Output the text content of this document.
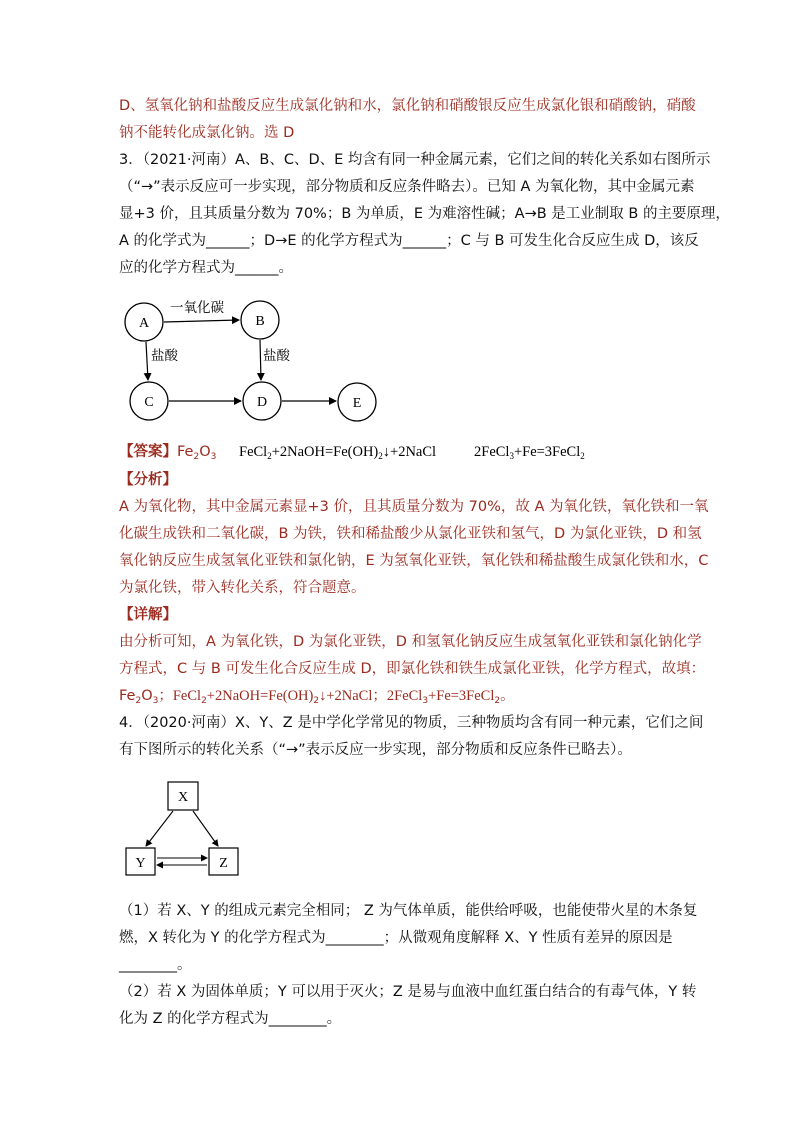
D、氢氧化钠和盐酸反应生成氯化钠和水，氯化钠和硝酸银反应生成氯化银和硝酸钠，硝酸
钠不能转化成氯化钠。选 D
3．（2021·河南）A、B、C、D、E 均含有同一种金属元素，它们之间的转化关系如右图所示
（“→”表示反应可一步实现，部分物质和反应条件略去）。已知 A 为氧化物，其中金属元素
显+3 价，且其质量分数为 70%；B 为单质，E 为难溶性碱；A→B 是工业制取 B 的主要原理，
A 的化学式为______；D→E 的化学方程式为______；C 与 B 可发生化合反应生成 D，该反
应的化学方程式为______。
A	B
C	D	E
一氧化碳
盐酸	盐酸
【答案】$Fe_2O_3$ $FeCl_2+2NaOH=Fe(OH)_2↓+2NaCl$	2FeCl$_3$+Fe=3FeCl$_2$
【分析】
A 为氧化物，其中金属元素显+3 价，且其质量分数为 70%，故 A 为氧化铁，氧化铁和一氧
化碳生成铁和二氧化碳，B 为铁，铁和稀盐酸少从氯化亚铁和氢气，D 为氯化亚铁，D 和氢
氧化钠反应生成氢氧化亚铁和氯化钠，E 为氢氧化亚铁，氧化铁和稀盐酸生成氯化铁和水，C
为氯化铁，带入转化关系，符合题意。
【详解】
由分析可知，A 为氧化铁，D 为氯化亚铁，D 和氢氧化钠反应生成氢氧化亚铁和氯化钠化学
方程式，C 与 B 可发生化合反应生成 D，即氯化铁和铁生成氯化亚铁，化学方程式，故填：
$Fe_2O_3$；$FeCl_2+2NaOH=Fe(OH)_2↓+2NaCl$；2FeCl$_3$+Fe=3FeCl$_2$。
4．（2020·河南）X、Y、Z 是中学化学常见的物质，三种物质均含有同一种元素，它们之间
有下图所示的转化关系（“→”表示反应一步实现，部分物质和反应条件已略去）。
X
Y	Z
（1）若 X、Y 的组成元素完全相同； Z 为气体单质，能供给呼吸，也能使带火星的木条复
燃，X 转化为 Y 的化学方程式为________；从微观角度解释 X、Y 性质有差异的原因是
________。
（2）若 X 为固体单质；Y 可以用于灭火；Z 是易与血液中血红蛋白结合的有毒气体，Y 转
化为 Z 的化学方程式为________。
